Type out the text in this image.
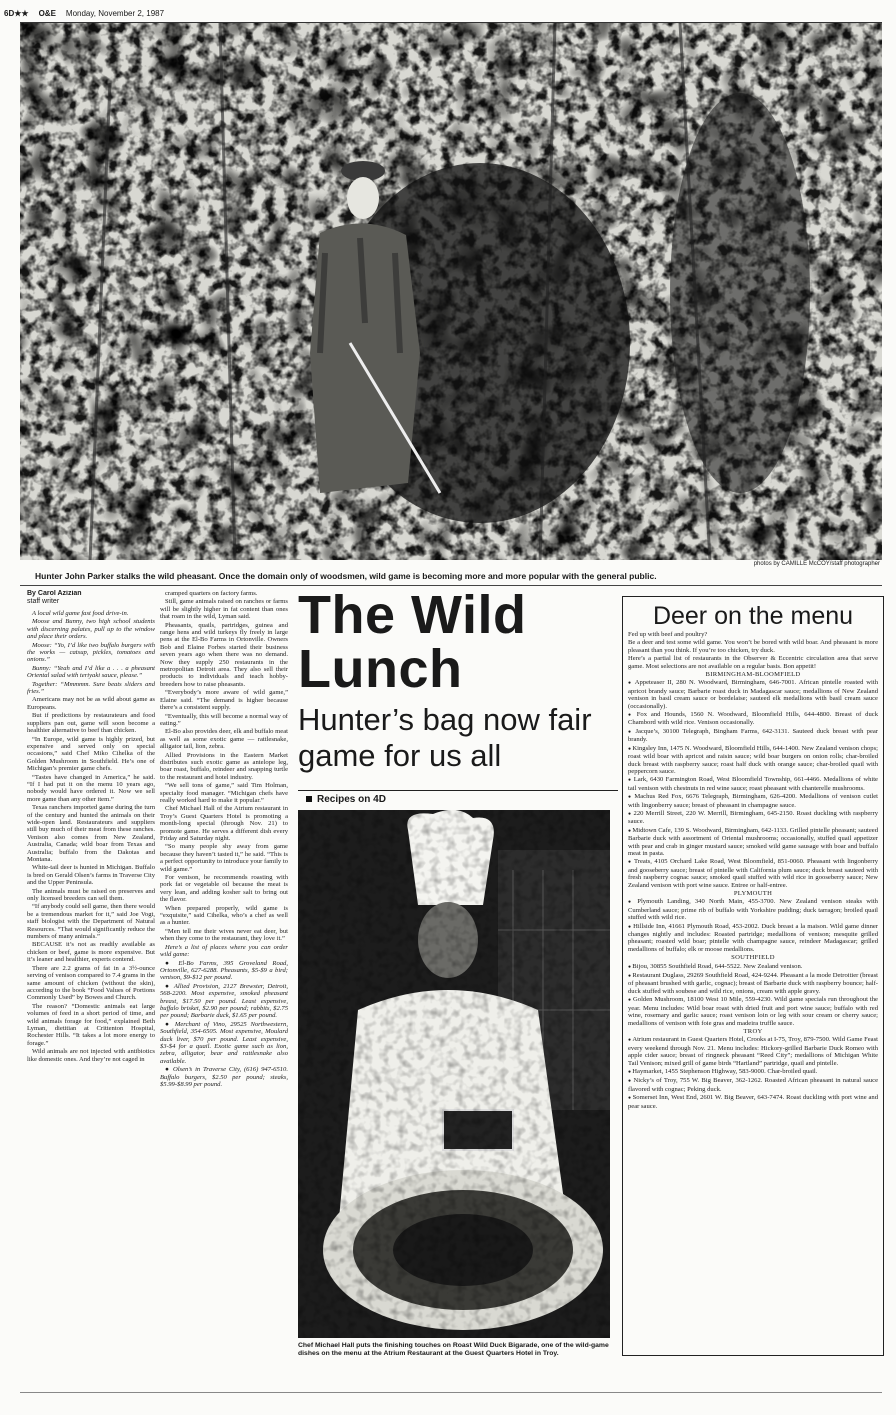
6D★★ O&E Monday, November 2, 1987
photos by CAMILLE McCOY/staff photographer
Hunter John Parker stalks the wild pheasant. Once the domain only of woodsmen, wild game is becoming more and more popular with the general public.
By Carol Azizian
staff writer

A local wild game fast food drive-in.

Moose and Bunny, two high school students with discerning palates, pull up to the window and place their orders.

Moose: “Yo, I’d like two buffalo burgers with the works — catsup, pickles, tomatoes and onions.”

Bunny: “Yeah and I’d like a . . . a pheasant Oriental salad with teriyaki sauce, please.”

Together: “Mmmmm. Sure beats sliders and fries.”

Americans may not be as wild about game as Europeans.

But if predictions by restaurateurs and food suppliers pan out, game will soon become a healthier alternative to beef than chicken.

“In Europe, wild game is highly prized, but expensive and served only on special occasions,” said Chef Miko Cihelka of the Golden Mushroom in Southfield. He’s one of Michigan’s premier game chefs.

“Tastes have changed in America,” he said. “If I had put it on the menu 10 years ago, nobody would have ordered it. Now we sell more game than any other item.”

Texas ranchers imported game during the turn of the century and hunted the animals on their wide-open land. Restaurateurs and suppliers still buy much of their meat from these ranches. Venison also comes from New Zealand, Australia, Canada; wild boar from Texas and Australia; buffalo from the Dakotas and Montana.

White-tail deer is hunted in Michigan. Buffalo is bred on Gerald Olsen’s farms in Traverse City and the Upper Peninsula.

The animals must be raised on preserves and only licensed breeders can sell them.

“If anybody could sell game, then there would be a tremendous market for it,” said Joe Vogt, staff biologist with the Department of Natural Resources. “That would significantly reduce the numbers of many animals.”

BECAUSE it’s not as readily available as chicken or beef, game is more expensive. But it’s leaner and healthier, experts contend.

There are 2.2 grams of fat in a 3½-ounce serving of venison compared to 7.4 grams in the same amount of chicken (without the skin), according to the book “Food Values of Portions Commonly Used” by Bowes and Church.

The reason? “Domestic animals eat large volumes of feed in a short period of time, and wild animals forage for food,” explained Beth Lyman, dietitian at Crittenton Hospital, Rochester Hills. “It takes a lot more energy to forage.”

Wild animals are not injected with antibiotics like domestic ones. And they’re not caged in

cramped quarters on factory farms.

Still, game animals raised on ranches or farms will be slightly higher in fat content than ones that roam in the wild, Lyman said.

Pheasants, quails, partridges, guinea and range hens and wild turkeys fly freely in large pens at the El-Bo Farms in Ortonville. Owners Bob and Elaine Forbes started their business seven years ago when there was no demand. Now they supply 250 restaurants in the metropolitan Detroit area. They also sell their products to individuals and teach hobby-breeders how to raise pheasants.

“Everybody’s more aware of wild game,” Elaine said. “The demand is higher because there’s a consistent supply.

“Eventually, this will become a normal way of eating.”

El-Bo also provides deer, elk and buffalo meat as well as some exotic game — rattlesnake, alligator tail, lion, zebra.

Allied Provisions in the Eastern Market distributes such exotic game as antelope leg, boar roast, buffalo, reindeer and snapping turtle to the restaurant and hotel industry.

“We sell tons of game,” said Tim Holman, specialty food manager. “Michigan chefs have really worked hard to make it popular.”

Chef Michael Hall of the Atrium restaurant in Troy’s Guest Quarters Hotel is promoting a month-long special (through Nov. 21) to promote game. He serves a different dish every Friday and Saturday night.

“So many people shy away from game because they haven’t tasted it,” he said. “This is a perfect opportunity to introduce your family to wild game.”

For venison, he recommends roasting with pork fat or vegetable oil because the meat is very lean, and adding kosher salt to bring out the flavor.

When prepared properly, wild game is “exquisite,” said Cihelka, who’s a chef as well as a hunter.

“Men tell me their wives never eat deer, but when they come to the restaurant, they love it.”

Here’s a list of places where you can order wild game:

● El-Bo Farms, 395 Groveland Road, Ortonville, 627-6288. Pheasants, $5-$9 a bird; venison, $9-$12 per pound.

● Allied Provision, 2127 Brewster, Detroit, 568-2200. Most expensive, smoked pheasant breast, $17.50 per pound. Least expensive, buffalo brisket, $2.90 per pound; rabbits, $2.75 per pound; Barbarie duck, $1.65 per pound.

● Merchant of Vino, 29525 Northwestern, Southfield, 354-6505. Most expensive, Moulard duck liver, $70 per pound. Least expensive, $3-$4 for a quail. Exotic game such as lion, zebra, alligator, bear and rattlesnake also available.

● Olsen’s in Traverse City, (616) 947-6510. Buffalo burgers, $2.50 per pound; steaks, $5.99-$8.99 per pound.

The Wild
Lunch
Hunter’s bag now fair game for us all
Recipes on 4D
Chef Michael Hall puts the finishing touches on Roast Wild Duck Bigarade, one of the wild-game dishes on the menu at the Atrium Restaurant at the Guest Quarters Hotel in Troy.
Deer on the menu

Fed up with beef and poultry?

Be a deer and test some wild game. You won’t be bored with wild boar. And pheasant is more pleasant than you think. If you’re too chicken, try duck.

Here’s a partial list of restaurants in the Observer & Eccentric circulation area that serve game. Most selections are not available on a regular basis. Bon appetit!

BIRMINGHAM-BLOOMFIELD

● Appeteaser II, 280 N. Woodward, Birmingham, 646-7001. African pintelle roasted with apricot brandy sauce; Barbarie roast duck in Madagascar sauce; medallions of New Zealand venison in basil cream sauce or bordelaise; sauteed elk medallions with basil cream sauce (occasionally).

● Fox and Hounds, 1560 N. Woodward, Bloomfield Hills, 644-4800. Breast of duck Chambord with wild rice. Venison occasionally.

● Jacque’s, 30100 Telegraph, Bingham Farms, 642-3131. Sauteed duck breast with pear brandy.

● Kingsley Inn, 1475 N. Woodward, Bloomfield Hills, 644-1400. New Zealand venison chops; roast wild boar with apricot and raisin sauce; wild boar burgers on onion rolls; char-broiled duck breast with raspberry sauce; roast half duck with orange sauce; char-broiled quail with peppercorn sauce.

● Lark, 6430 Farmington Road, West Bloomfield Township, 661-4466. Medallions of white tail venison with chestnuts in red wine sauce; roast pheasant with chanterelle mushrooms.

● Machus Red Fox, 6676 Telegraph, Birmingham, 626-4200. Medallions of venison cutlet with lingonberry sauce; breast of pheasant in champagne sauce.

● 220 Merrill Street, 220 W. Merrill, Birmingham, 645-2150. Roast duckling with raspberry sauce.

● Midtown Cafe, 139 S. Woodward, Birmingham, 642-1133. Grilled pintelle pheasant; sauteed Barbarie duck with assortment of Oriental mushrooms; occasionally, stuffed quail appetizer with pear and crab in ginger mustard sauce; smoked wild game sausage with boar and buffalo meat in pasta.

● Treats, 4105 Orchard Lake Road, West Bloomfield, 851-0060. Pheasant with lingonberry and gooseberry sauce; breast of pintelle with California plum sauce; duck breast sauteed with fresh raspberry cognac sauce; smoked quail stuffed with wild rice in gooseberry sauce; New Zealand venison with port wine sauce. Entree or half-entree.

PLYMOUTH

● Plymouth Landing, 340 North Main, 455-3700. New Zealand venison steaks with Cumberland sauce; prime rib of buffalo with Yorkshire pudding; duck tarragon; broiled quail stuffed with wild rice.

● Hillside Inn, 41661 Plymouth Road, 453-2002. Duck breast a la maison. Wild game dinner changes nightly and includes: Roasted partridge; medallions of venison; mesquite grilled pheasant; roasted wild boar; pintelle with champagne sauce, reindeer Madagascar; grilled medallions of buffalo; elk or moose medallions.

SOUTHFIELD

● Bijou, 30855 Southfield Road, 644-5522. New Zealand venison.

● Restaurant Duglass, 29269 Southfield Road, 424-9244. Pheasant a la mode Detroitier (breast of pheasant brushed with garlic, cognac); breast of Barbarie duck with raspberry bounce; half-duck stuffed with soubese and wild rice, onions, cream with apple gravy.

● Golden Mushroom, 18100 West 10 Mile, 559-4230. Wild game specials run throughout the year. Menu includes: Wild boar roast with dried fruit and port wine sauce; buffalo with red wine, rosemary and garlic sauce; roast venison loin or leg with sour cream or cherry sauce; medallions of venison with foie gras and madeira truffle sauce.

TROY

● Atrium restaurant in Guest Quarters Hotel, Crooks at I-75, Troy, 879-7500. Wild Game Feast every weekend through Nov. 21. Menu includes: Hickory-grilled Barbarie Duck Romeo with apple cider sauce; breast of ringneck pheasant “Reed City”; medallions of Michigan White Tail Venison; mixed grill of game birds “Hartland” partridge, quail and pintelle.

● Haymarket, 1455 Stephenson Highway, 583-9000. Char-broiled quail.

● Nicky’s of Troy, 755 W. Big Beaver, 362-1262. Roasted African pheasant in natural sauce flavored with cognac; Peking duck.

● Somerset Inn, West End, 2601 W. Big Beaver, 643-7474. Roast duckling with port wine and pear sauce.
